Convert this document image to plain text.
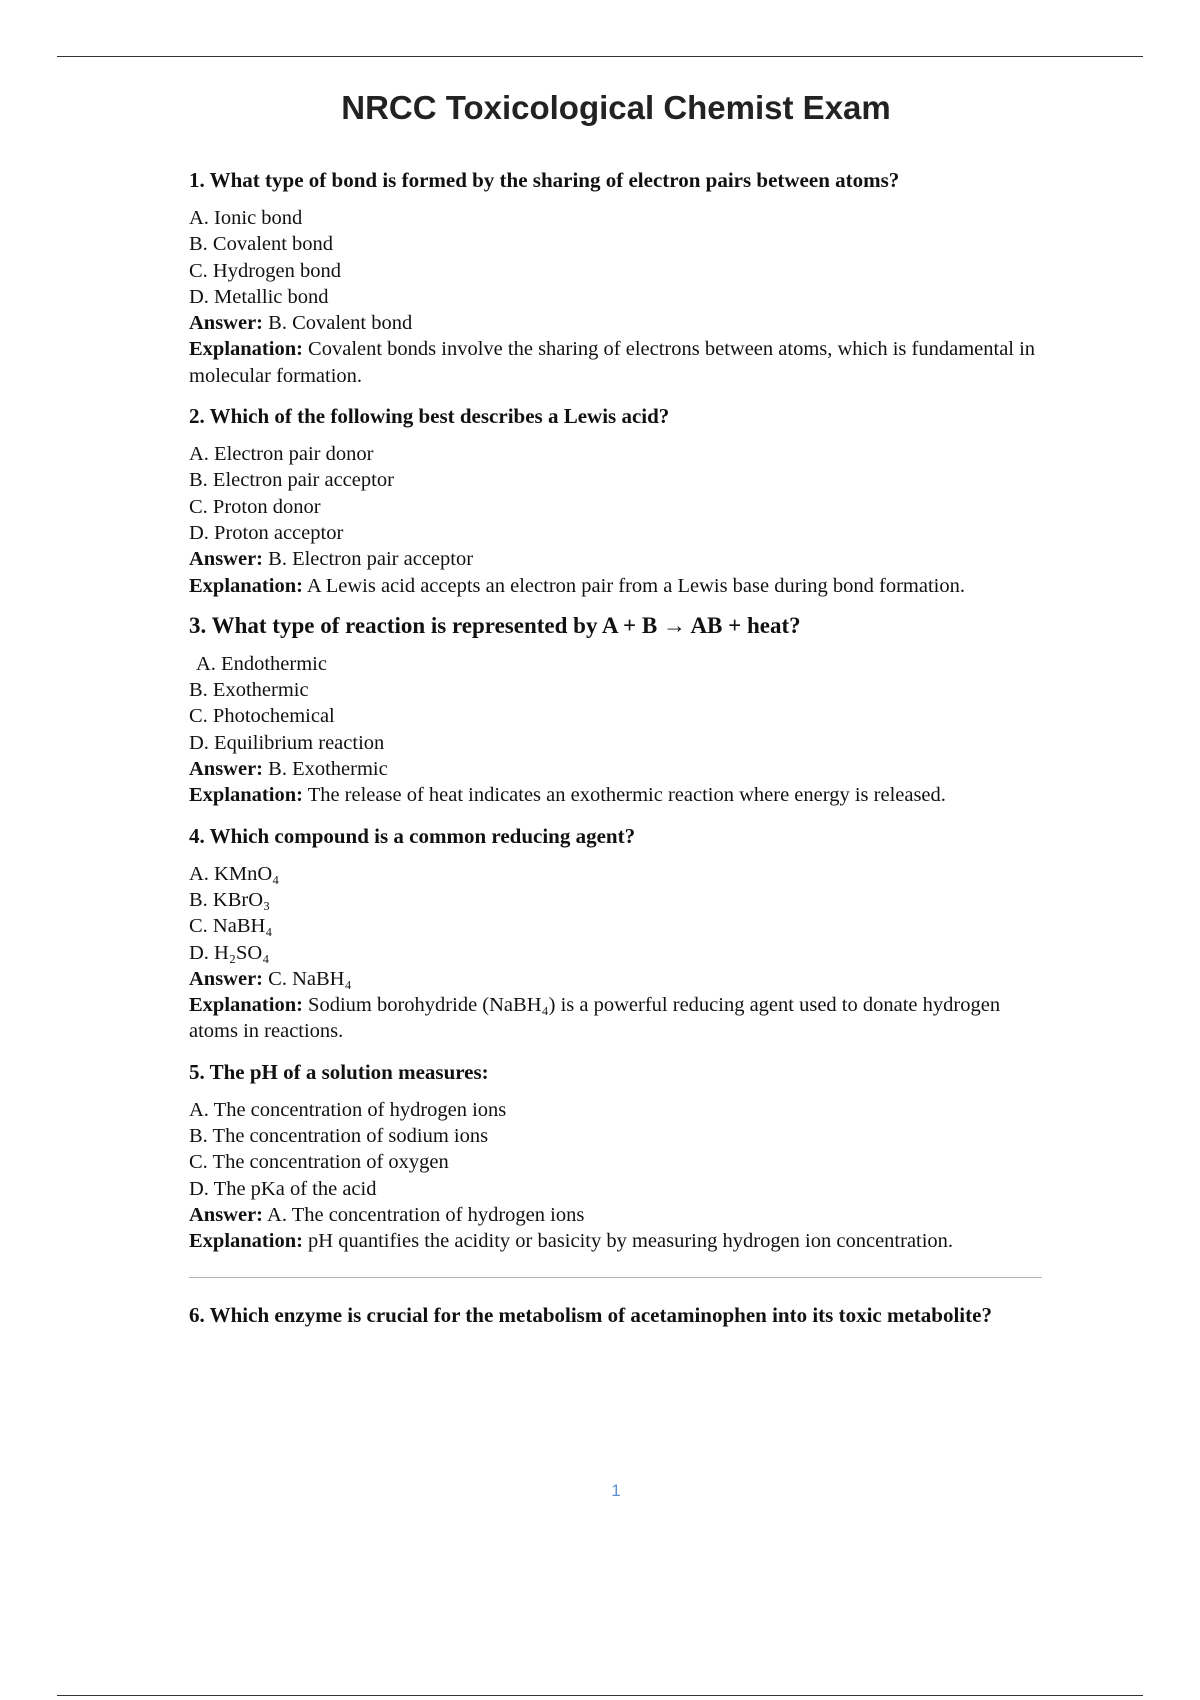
NRCC Toxicological Chemist Exam

1. What type of bond is formed by the sharing of electron pairs between atoms?

A. Ionic bond

B. Covalent bond

C. Hydrogen bond

D. Metallic bond

Answer: B. Covalent bond

Explanation: Covalent bonds involve the sharing of electrons between atoms, which is fundamental in molecular formation.

2. Which of the following best describes a Lewis acid?

A. Electron pair donor

B. Electron pair acceptor

C. Proton donor

D. Proton acceptor

Answer: B. Electron pair acceptor

Explanation: A Lewis acid accepts an electron pair from a Lewis base during bond formation.

3. What type of reaction is represented by A + B → AB + heat?

A. Endothermic

B. Exothermic

C. Photochemical

D. Equilibrium reaction

Answer: B. Exothermic

Explanation: The release of heat indicates an exothermic reaction where energy is released.

4. Which compound is a common reducing agent?

A. KMnO₄

B. KBrO₃

C. NaBH₄

D. H₂SO₄

Answer: C. NaBH₄

Explanation: Sodium borohydride (NaBH₄) is a powerful reducing agent used to donate hydrogen atoms in reactions.

5. The pH of a solution measures:

A. The concentration of hydrogen ions

B. The concentration of sodium ions

C. The concentration of oxygen

D. The pKa of the acid

Answer: A. The concentration of hydrogen ions

Explanation: pH quantifies the acidity or basicity by measuring hydrogen ion concentration.

6. Which enzyme is crucial for the metabolism of acetaminophen into its toxic metabolite?

1
